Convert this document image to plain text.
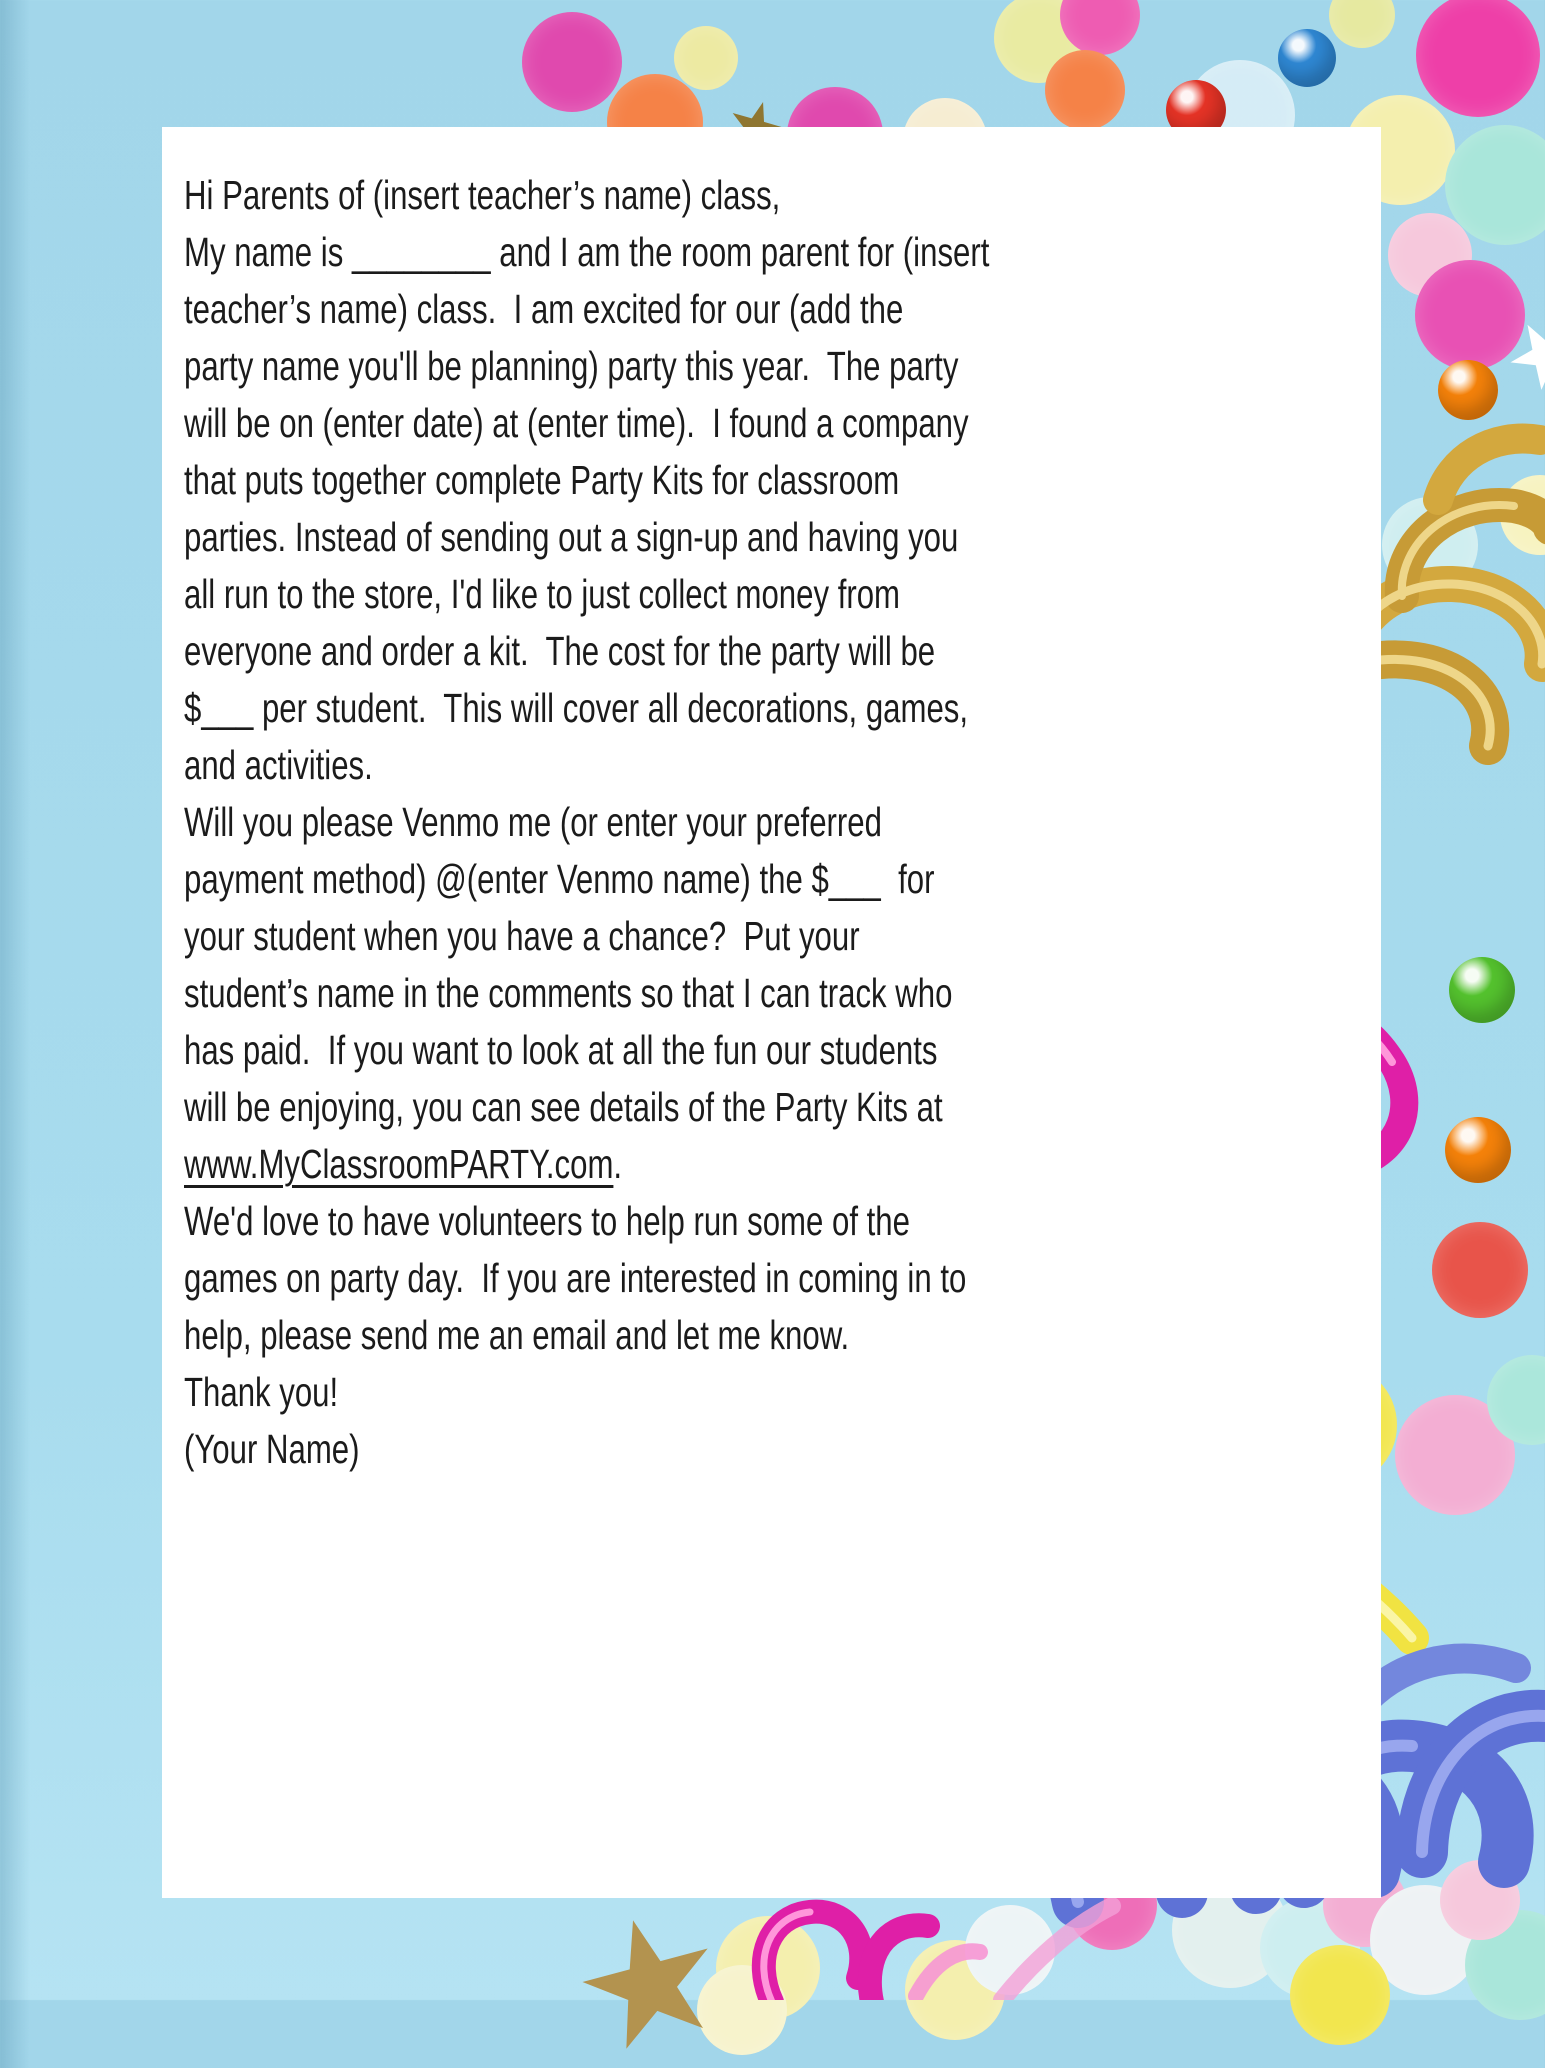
Hi Parents of (insert teacher’s name) class,

My name is ________ and I am the room parent for (insert
teacher’s name) class.  I am excited for our (add the
party name you'll be planning) party this year.  The party
will be on (enter date) at (enter time).  I found a company
that puts together complete Party Kits for classroom
parties. Instead of sending out a sign-up and having you
all run to the store, I'd like to just collect money from
everyone and order a kit.  The cost for the party will be
$___ per student.  This will cover all decorations, games,
and activities.

Will you please Venmo me (or enter your preferred
payment method) @(enter Venmo name) the $___  for
your student when you have a chance?  Put your
student’s name in the comments so that I can track who
has paid.  If you want to look at all the fun our students
will be enjoying, you can see details of the Party Kits at
www.MyClassroomPARTY.com.

We'd love to have volunteers to help run some of the
games on party day.  If you are interested in coming in to
help, please send me an email and let me know.

Thank you!

(Your Name)
